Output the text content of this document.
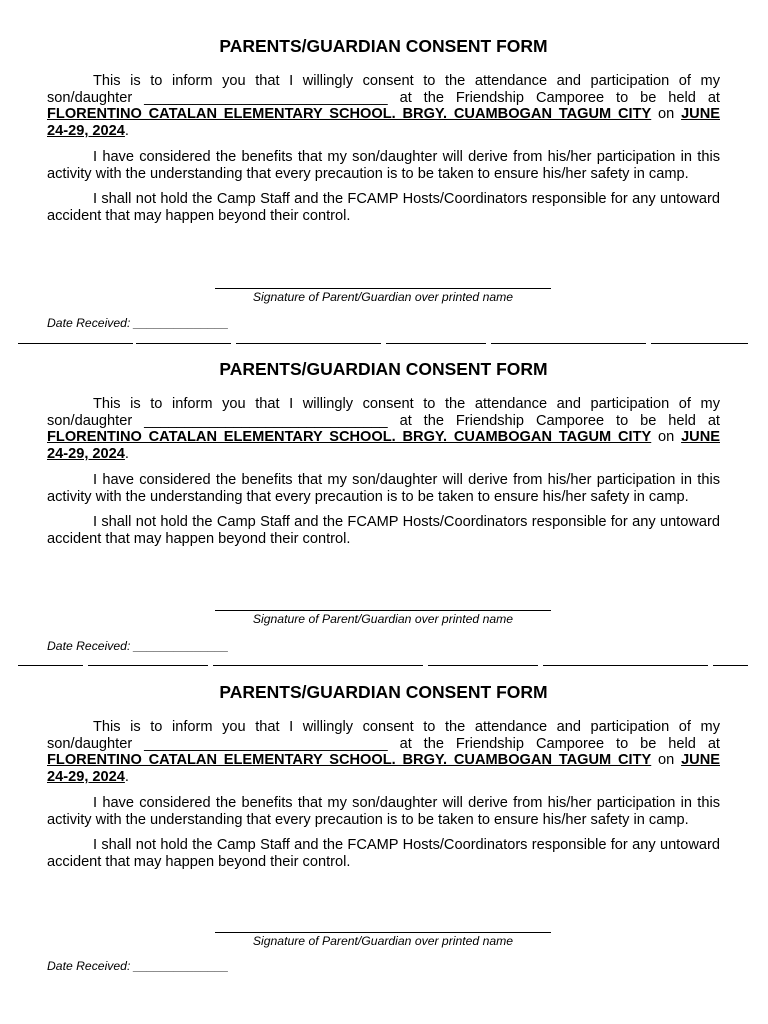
PARENTS/GUARDIAN CONSENT FORM

This is to inform you that I willingly consent to the attendance and participation of my son/daughter ______________________________ at the Friendship Camporee to be held at FLORENTINO CATALAN ELEMENTARY SCHOOL. BRGY. CUAMBOGAN TAGUM CITY on JUNE 24-29, 2024.

I have considered the benefits that my son/daughter will derive from his/her participation in this activity with the understanding that every precaution is to be taken to ensure his/her safety in camp.

I shall not hold the Camp Staff and the FCAMP Hosts/Coordinators responsible for any untoward accident that may happen beyond their control.

Signature of Parent/Guardian over printed name
Date Received: ______________
PARENTS/GUARDIAN CONSENT FORM

This is to inform you that I willingly consent to the attendance and participation of my son/daughter ______________________________ at the Friendship Camporee to be held at FLORENTINO CATALAN ELEMENTARY SCHOOL. BRGY. CUAMBOGAN TAGUM CITY on JUNE 24-29, 2024.

I have considered the benefits that my son/daughter will derive from his/her participation in this activity with the understanding that every precaution is to be taken to ensure his/her safety in camp.

I shall not hold the Camp Staff and the FCAMP Hosts/Coordinators responsible for any untoward accident that may happen beyond their control.

Signature of Parent/Guardian over printed name
Date Received: ______________
PARENTS/GUARDIAN CONSENT FORM

This is to inform you that I willingly consent to the attendance and participation of my son/daughter ______________________________ at the Friendship Camporee to be held at FLORENTINO CATALAN ELEMENTARY SCHOOL. BRGY. CUAMBOGAN TAGUM CITY on JUNE 24-29, 2024.

I have considered the benefits that my son/daughter will derive from his/her participation in this activity with the understanding that every precaution is to be taken to ensure his/her safety in camp.

I shall not hold the Camp Staff and the FCAMP Hosts/Coordinators responsible for any untoward accident that may happen beyond their control.

Signature of Parent/Guardian over printed name
Date Received: ______________
